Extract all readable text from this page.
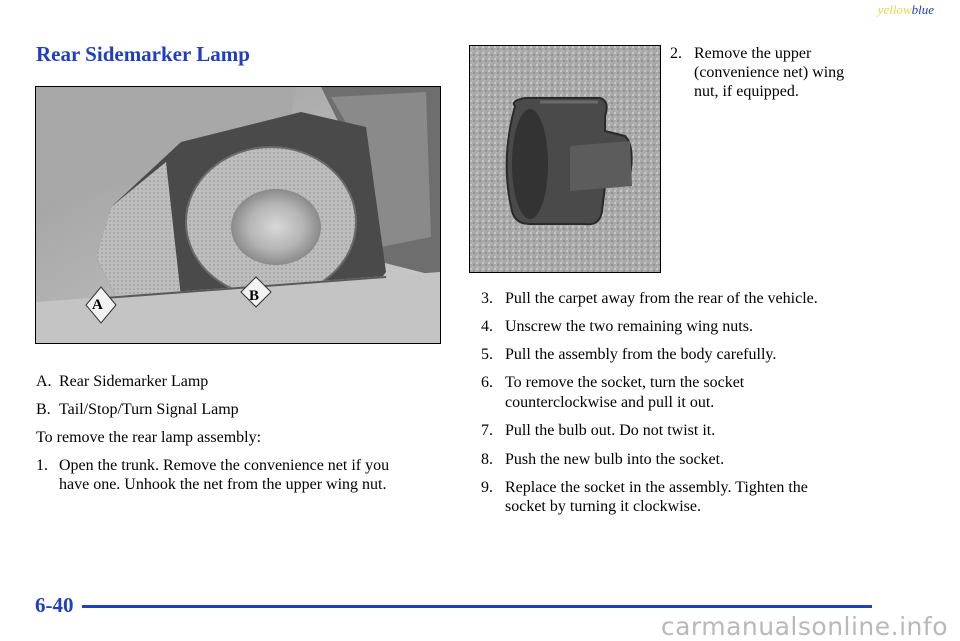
yellowblue
Rear Sidemarker Lamp
A
B
A. Rear Sidemarker Lamp
B. Tail/Stop/Turn Signal Lamp

To remove the rear lamp assembly:

1. Open the trunk. Remove the convenience net if you
have one. Unhook the net from the upper wing nut.
2. Remove the upper
(convenience net) wing
nut, if equipped.
3. Pull the carpet away from the rear of the vehicle.
4. Unscrew the two remaining wing nuts.
5. Pull the assembly from the body carefully.
6. To remove the socket, turn the socket
counterclockwise and pull it out.
7. Pull the bulb out. Do not twist it.
8. Push the new bulb into the socket.
9. Replace the socket in the assembly. Tighten the
socket by turning it clockwise.
6-40
carmanualsonline.info
